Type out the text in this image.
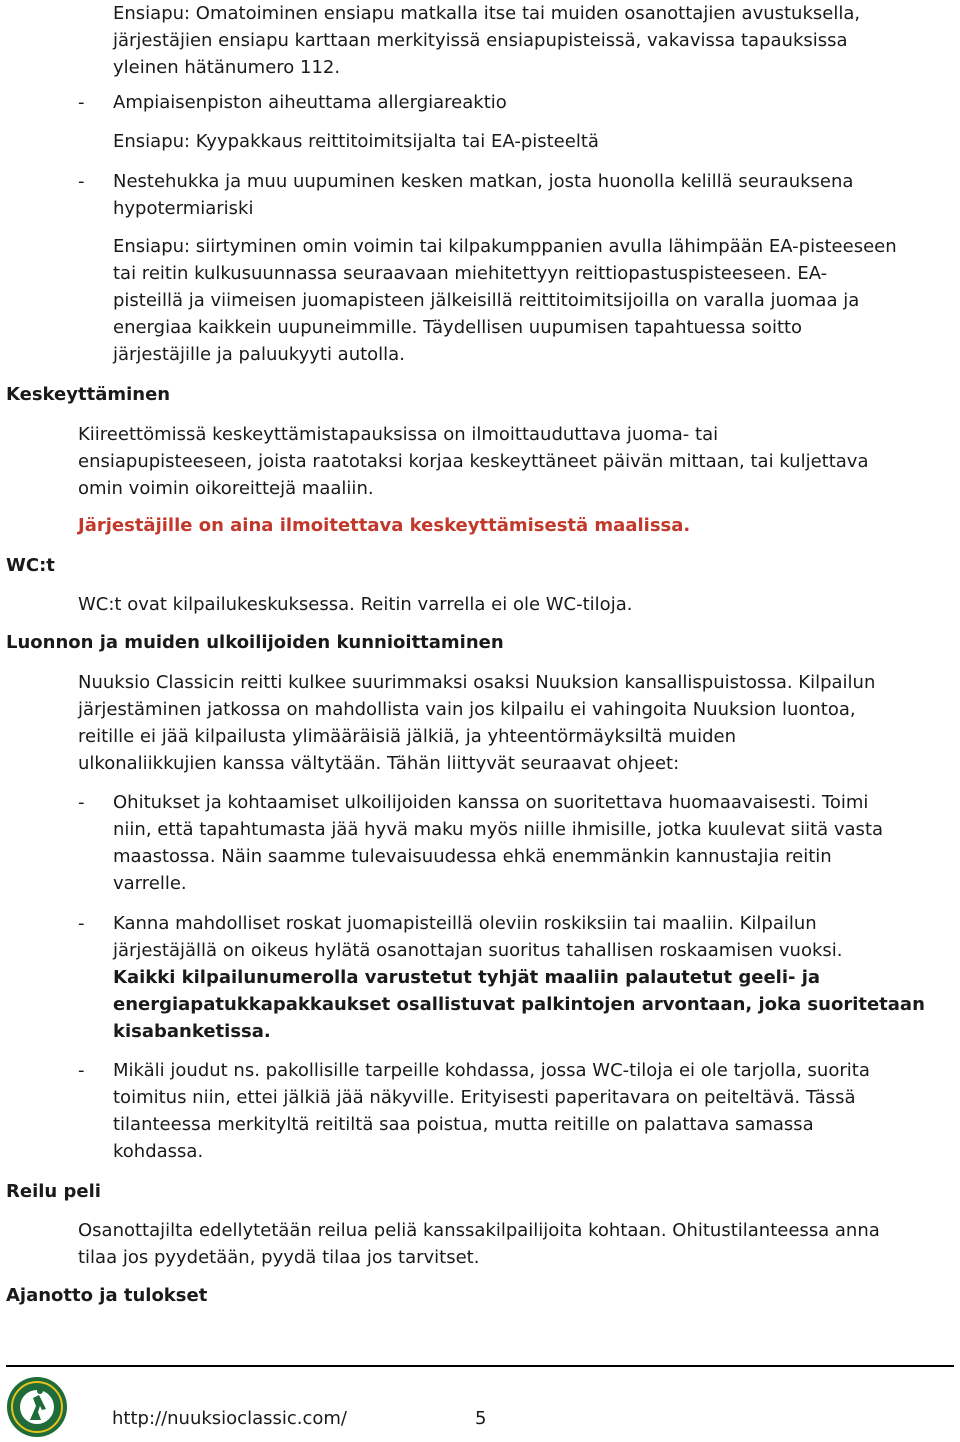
Ensiapu: Omatoiminen ensiapu matkalla itse tai muiden osanottajien avustuksella,

järjestäjien ensiapu karttaan merkityissä ensiapupisteissä, vakavissa tapauksissa

yleinen hätänumero 112.

- Ampiaisenpiston aiheuttama allergiareaktio

Ensiapu: Kyypakkaus reittitoimitsijalta tai EA-pisteeltä

- Nestehukka ja muu uupuminen kesken matkan, josta huonolla kelillä seurauksena

hypotermiariski

Ensiapu: siirtyminen omin voimin tai kilpakumppanien avulla lähimpään EA-pisteeseen

tai reitin kulkusuunnassa seuraavaan miehitettyyn reittiopastuspisteeseen. EA-

pisteillä ja viimeisen juomapisteen jälkeisillä reittitoimitsijoilla on varalla juomaa ja

energiaa kaikkein uupuneimmille. Täydellisen uupumisen tapahtuessa soitto

järjestäjille ja paluukyyti autolla.

Keskeyttäminen

Kiireettömissä keskeyttämistapauksissa on ilmoittauduttava juoma- tai

ensiapupisteeseen, joista raatotaksi korjaa keskeyttäneet päivän mittaan, tai kuljettava

omin voimin oikoreittejä maaliin.

Järjestäjille on aina ilmoitettava keskeyttämisestä maalissa.

WC:t

WC:t ovat kilpailukeskuksessa. Reitin varrella ei ole WC-tiloja.

Luonnon ja muiden ulkoilijoiden kunnioittaminen

Nuuksio Classicin reitti kulkee suurimmaksi osaksi Nuuksion kansallispuistossa. Kilpailun

järjestäminen jatkossa on mahdollista vain jos kilpailu ei vahingoita Nuuksion luontoa,

reitille ei jää kilpailusta ylimääräisiä jälkiä, ja yhteentörmäyksiltä muiden

ulkonaliikkujien kanssa vältytään. Tähän liittyvät seuraavat ohjeet:

- Ohitukset ja kohtaamiset ulkoilijoiden kanssa on suoritettava huomaavaisesti. Toimi

niin, että tapahtumasta jää hyvä maku myös niille ihmisille, jotka kuulevat siitä vasta

maastossa. Näin saamme tulevaisuudessa ehkä enemmänkin kannustajia reitin

varrelle.

- Kanna mahdolliset roskat juomapisteillä oleviin roskiksiin tai maaliin. Kilpailun

järjestäjällä on oikeus hylätä osanottajan suoritus tahallisen roskaamisen vuoksi.

Kaikki kilpailunumerolla varustetut tyhjät maaliin palautetut geeli- ja

energiapatukkapakkaukset osallistuvat palkintojen arvontaan, joka suoritetaan

kisabanketissa.

- Mikäli joudut ns. pakollisille tarpeille kohdassa, jossa WC-tiloja ei ole tarjolla, suorita

toimitus niin, ettei jälkiä jää näkyville. Erityisesti paperitavara on peiteltävä. Tässä

tilanteessa merkityltä reitiltä saa poistua, mutta reitille on palattava samassa

kohdassa.

Reilu peli

Osanottajilta edellytetään reilua peliä kanssakilpailijoita kohtaan. Ohitustilanteessa anna

tilaa jos pyydetään, pyydä tilaa jos tarvitset.

Ajanotto ja tulokset

http://nuuksioclassic.com/	5
